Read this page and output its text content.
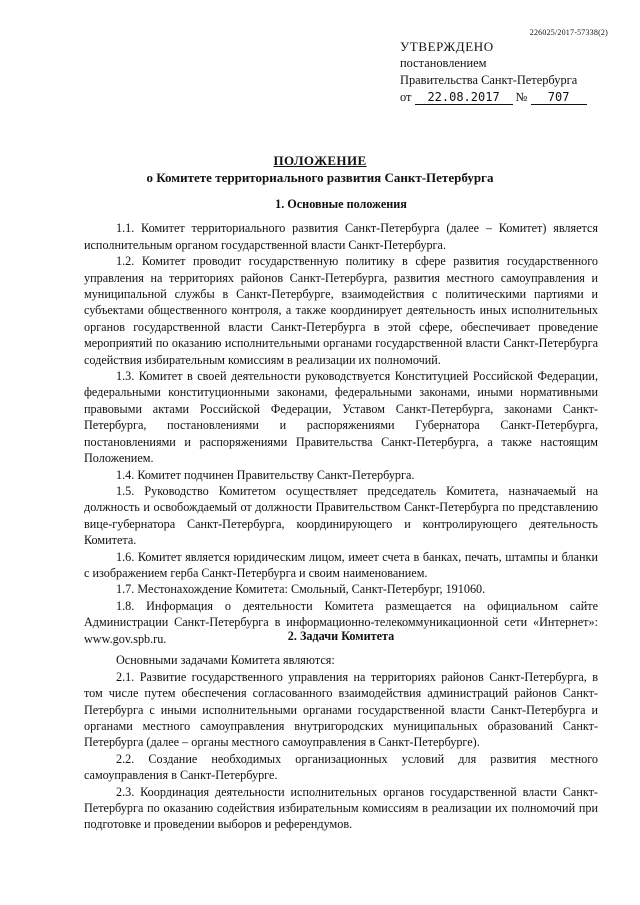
226025/2017-57338(2)
УТВЕРЖДЕНО
постановлением
Правительства Санкт-Петербурга
от 22.08.2017 № 707
ПОЛОЖЕНИЕ
о Комитете территориального развития Санкт-Петербурга
1. Основные положения

1.1. Комитет территориального развития Санкт-Петербурга (далее – Комитет) является исполнительным органом государственной власти Санкт-Петербурга.

1.2. Комитет проводит государственную политику в сфере развития государственного управления на территориях районов Санкт-Петербурга, развития местного самоуправления и муниципальной службы в Санкт-Петербурге, взаимодействия с политическими партиями и субъектами общественного контроля, а также координирует деятельность иных исполнительных органов государственной власти Санкт-Петербурга в этой сфере, обеспечивает проведение мероприятий по оказанию исполнительными органами государственной власти Санкт-Петербурга содействия избирательным комиссиям в реализации их полномочий.

1.3. Комитет в своей деятельности руководствуется Конституцией Российской Федерации, федеральными конституционными законами, федеральными законами, иными нормативными правовыми актами Российской Федерации, Уставом Санкт-Петербурга, законами Санкт-Петербурга, постановлениями и распоряжениями Губернатора Санкт-Петербурга, постановлениями и распоряжениями Правительства Санкт-Петербурга, а также настоящим Положением.

1.4. Комитет подчинен Правительству Санкт-Петербурга.

1.5. Руководство Комитетом осуществляет председатель Комитета, назначаемый на должность и освобождаемый от должности Правительством Санкт-Петербурга по представлению вице-губернатора Санкт-Петербурга, координирующего и контролирующего деятельность Комитета.

1.6. Комитет является юридическим лицом, имеет счета в банках, печать, штампы и бланки с изображением герба Санкт-Петербурга и своим наименованием.

1.7. Местонахождение Комитета: Смольный, Санкт-Петербург, 191060.

1.8. Информация о деятельности Комитета размещается на официальном сайте Администрации Санкт-Петербурга в информационно-телекоммуникационной сети «Интернет»: www.gov.spb.ru.	2. Задачи Комитета

Основными задачами Комитета являются:

2.1. Развитие государственного управления на территориях районов Санкт-Петербурга, в том числе путем обеспечения согласованного взаимодействия администраций районов Санкт-Петербурга с иными исполнительными органами государственной власти Санкт-Петербурга и органами местного самоуправления внутригородских муниципальных образований Санкт-Петербурга (далее – органы местного самоуправления в Санкт-Петербурге).

2.2. Создание необходимых организационных условий для развития местного самоуправления в Санкт-Петербурге.

2.3. Координация деятельности исполнительных органов государственной власти Санкт-Петербурга по оказанию содействия избирательным комиссиям в реализации их полномочий при подготовке и проведении выборов и референдумов.
